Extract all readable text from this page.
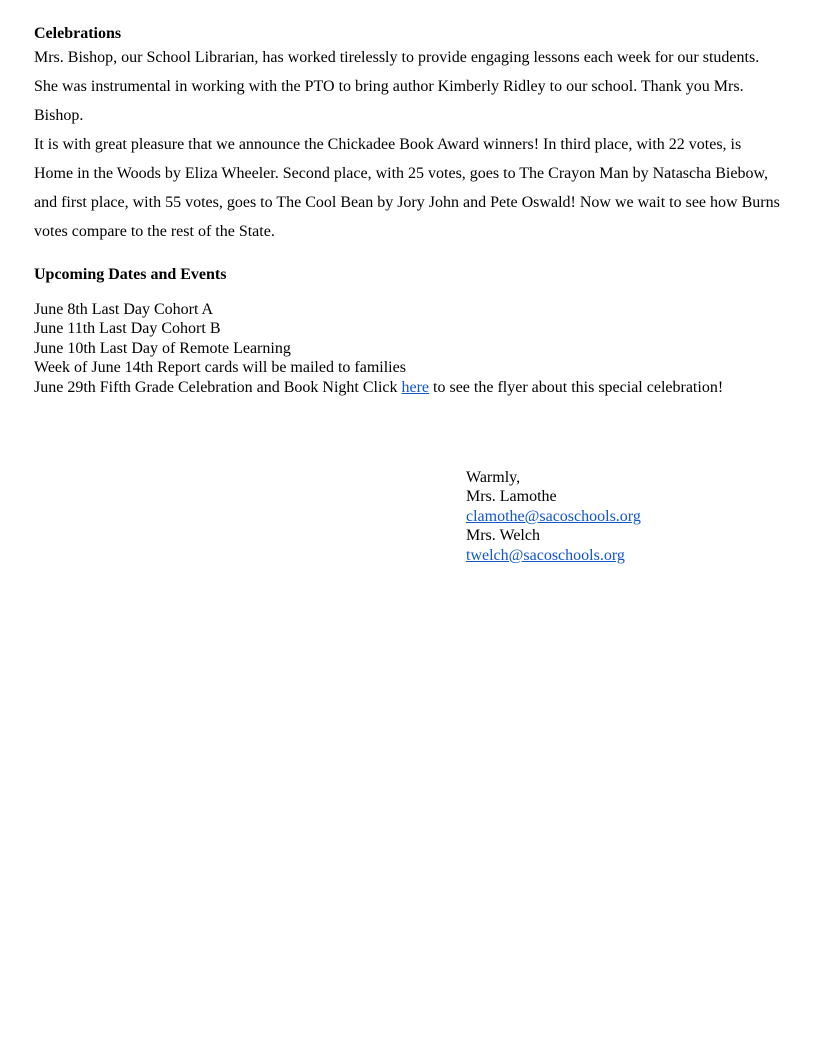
Celebrations

Mrs. Bishop, our School Librarian, has worked tirelessly to provide engaging lessons each week for our students. She was instrumental in working with the PTO to bring author Kimberly Ridley to our school. Thank you Mrs. Bishop.

It is with great pleasure that we announce the Chickadee Book Award winners! In third place, with 22 votes, is Home in the Woods by Eliza Wheeler. Second place, with 25 votes, goes to The Crayon Man by Natascha Biebow, and first place, with 55 votes, goes to The Cool Bean by Jory John and Pete Oswald! Now we wait to see how Burns votes compare to the rest of the State.

Upcoming Dates and Events

June 8th Last Day Cohort A

June 11th Last Day Cohort B

June 10th Last Day of Remote Learning

Week of June 14th Report cards will be mailed to families

June 29th Fifth Grade Celebration and Book Night Click here to see the flyer about this special celebration!

Warmly,
Mrs. Lamothe
clamothe@sacoschools.org
Mrs. Welch
twelch@sacoschools.org
